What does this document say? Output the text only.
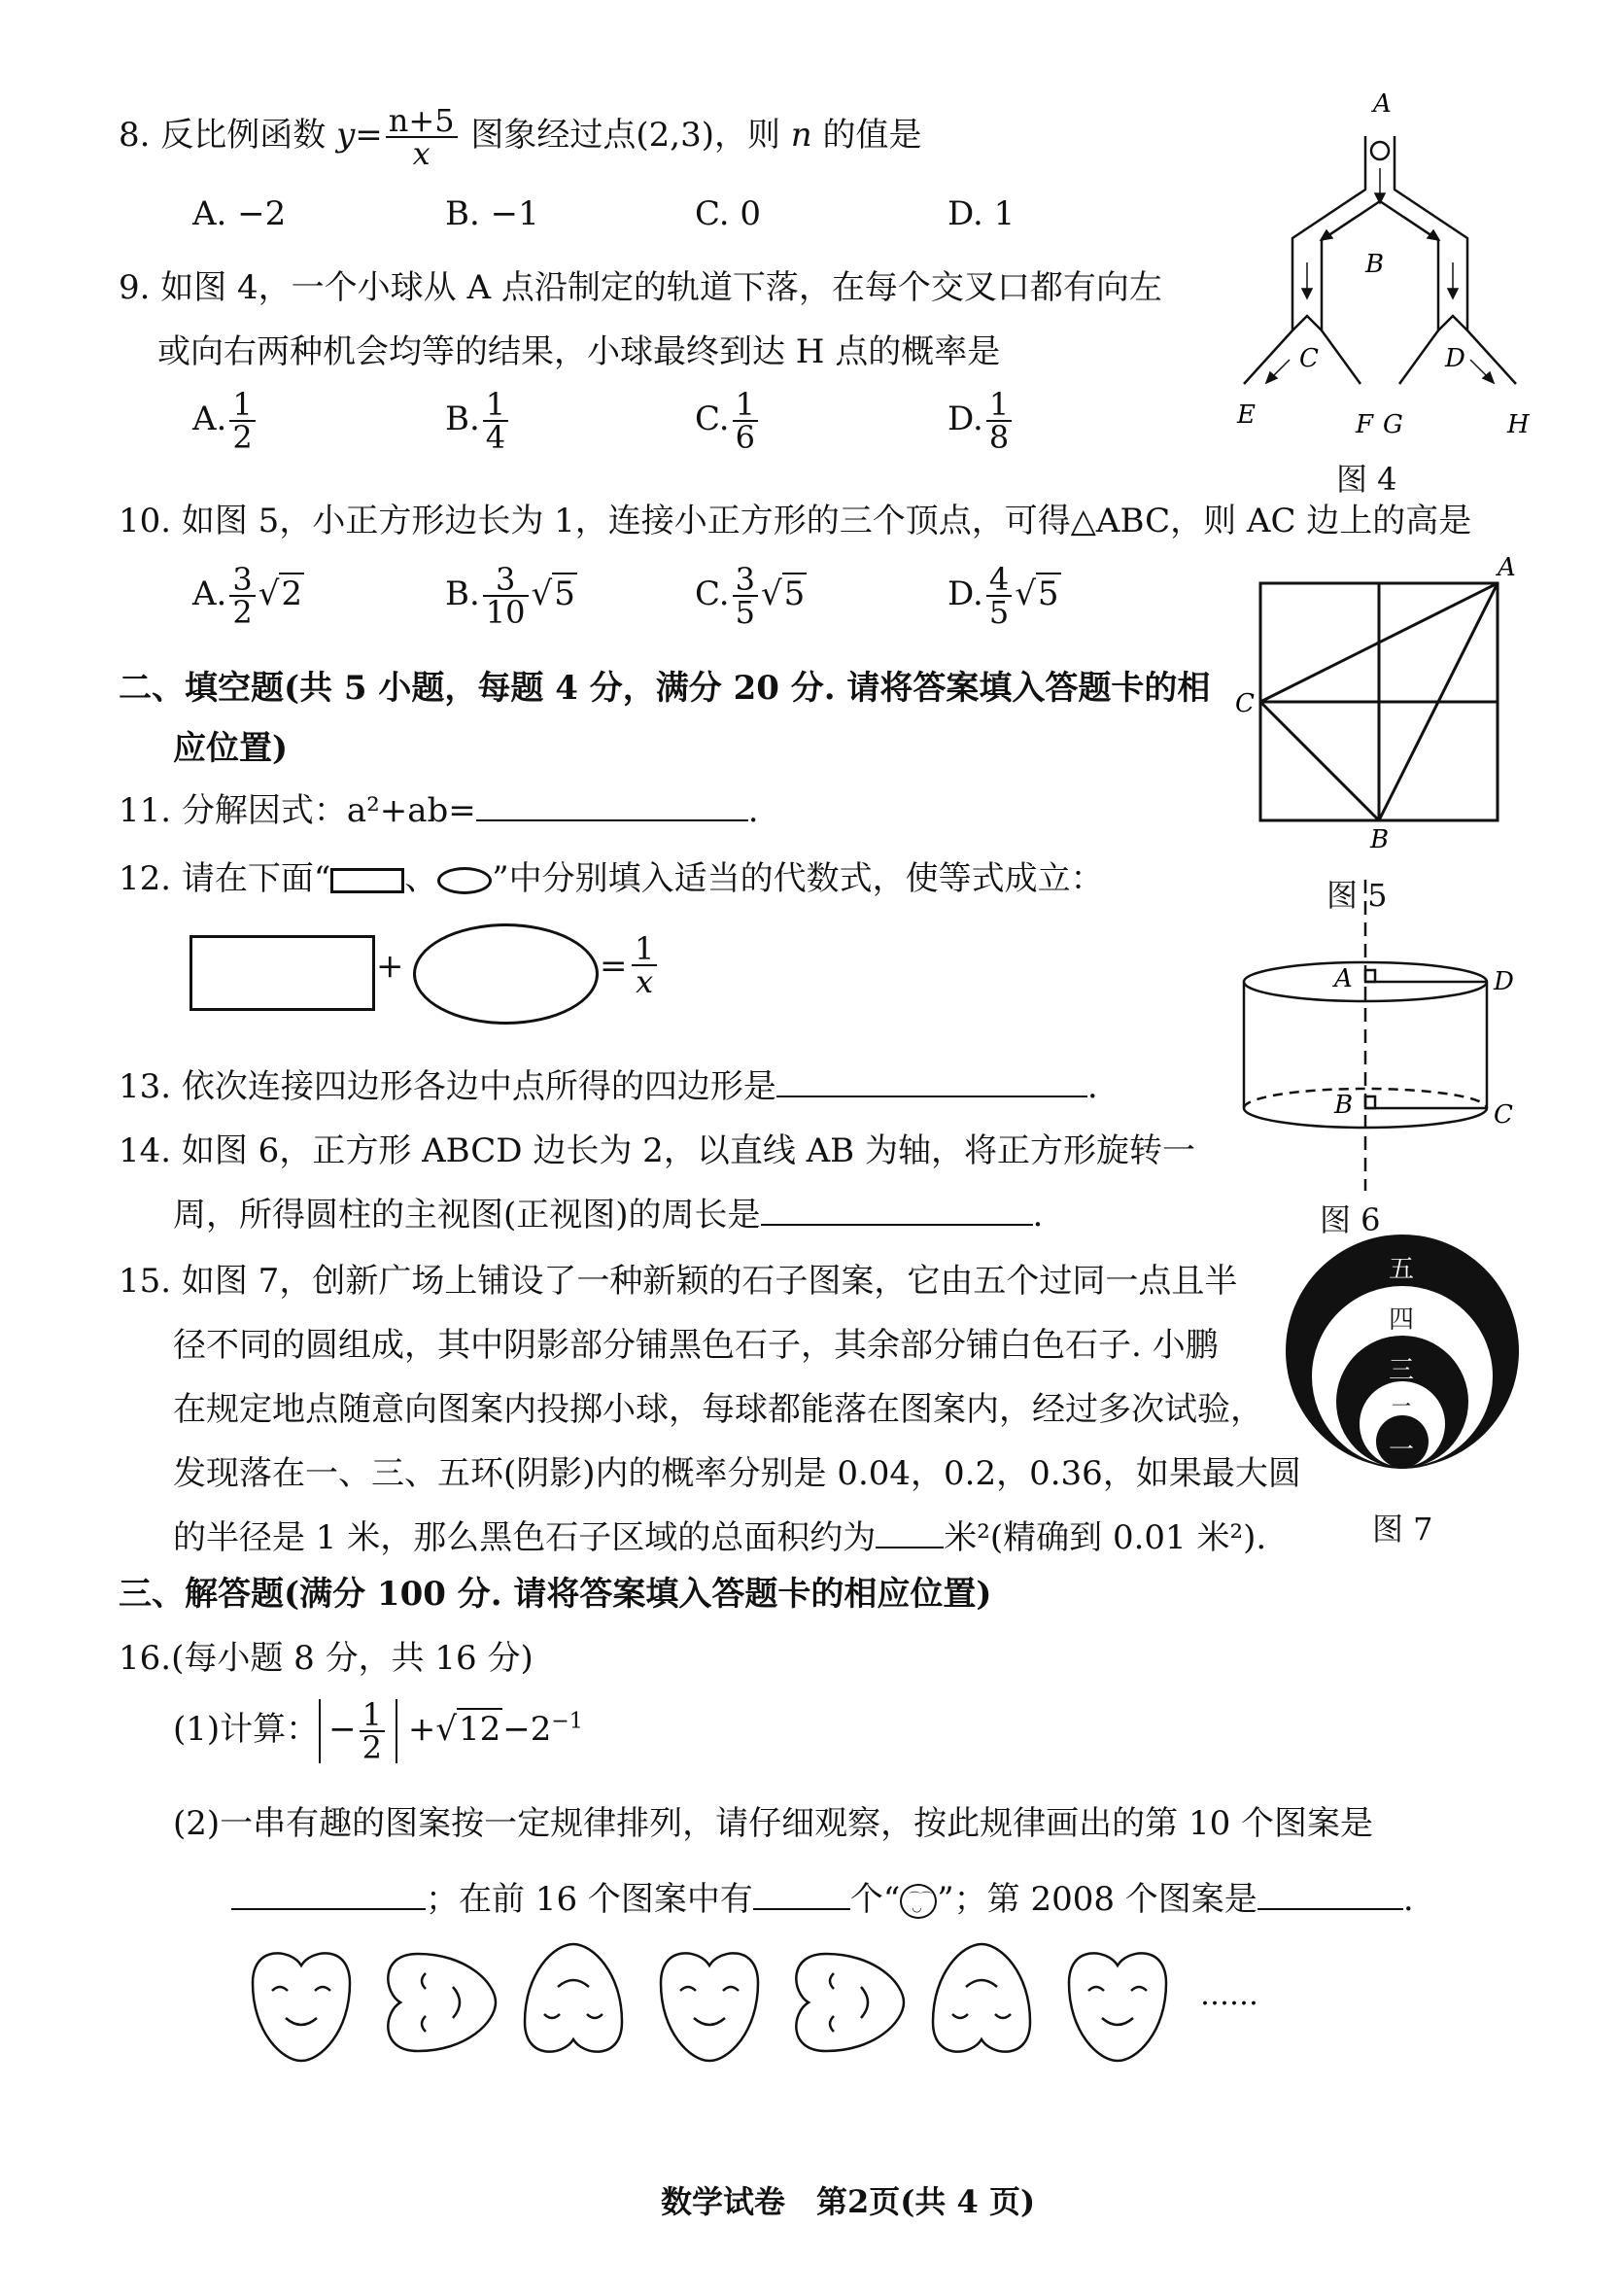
8. 反比例函数 $y= \frac{n+5}{x}$ 图象经过点(2,3)，则 n 的值是
A. −2	B. −1	C. 0	D. 1
9. 如图 4，一个小球从 A 点沿制定的轨道下落，在每个交叉口都有向左
或向右两种机会均等的结果，小球最终到达 H 点的概率是
A. $\frac{1}{2}$	B. $\frac{1}{4}$	C. $\frac{1}{6}$	D. $\frac{1}{8}$
A
B
C	D
E	F G	H
图 4
10. 如图 5，小正方形边长为 1，连接小正方形的三个顶点，可得△ABC，则 AC 边上的高是
A. $\frac{3}{2} √2$	B. $\frac{3}{10} √5$	C. $\frac{3}{5} √5$	D. $\frac{4}{5} √5$
A
B
C
图 5
二、填空题(共 5 小题，每题 4 分，满分 20 分. 请将答案填入答题卡的相
应位置)
11. 分解因式：a²+ab=	.
12. 请在下面“ 、 ”中分别填入适当的代数式，使等式成立：
+	= $\frac{1}{x}$
13. 依次连接四边形各边中点所得的四边形是	.
14. 如图 6，正方形 ABCD 边长为 2，以直线 AB 为轴，将正方形旋转一
周，所得圆柱的主视图(正视图)的周长是	.
A
B	C
D
图 6
15. 如图 7，创新广场上铺设了一种新颖的石子图案，它由五个过同一点且半
径不同的圆组成，其中阴影部分铺黑色石子，其余部分铺白色石子. 小鹏
在规定地点随意向图案内投掷小球，每球都能落在图案内，经过多次试验，
发现落在一、三、五环(阴影)内的概率分别是 0.04，0.2，0.36，如果最大圆
的半径是 1 米，那么黑色石子区域的总面积约为 米²(精确到 0.01 米²).
五
四
三
二
一
图 7
三、解答题(满分 100 分. 请将答案填入答题卡的相应位置)
16.(每小题 8 分，共 16 分)
(1)计算： − $\frac{1}{2} +√12-2^{-1}$
(2)一串有趣的图案按一定规律排列，请仔细观察，按此规律画出的第 10 个图案是
；在前 16 个图案中有	个“ ⌒⌒
◡ ”；第 2008 个图案是	.
……
数学试卷　第2页(共 4 页)
